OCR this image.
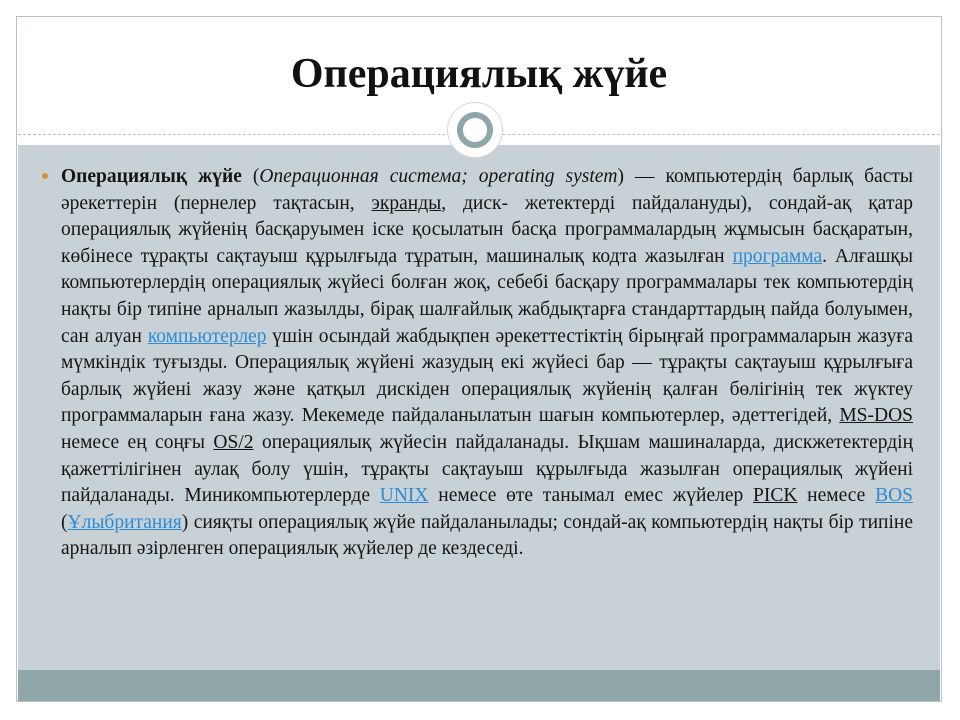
Операциялық жүйе
Операциялық жүйе (Операционная система; operating system) — компьютердің барлық басты әрекеттерін (пернелер тақтасын, экранды, диск- жетектерді пайдалануды), сондай-ақ қатар операциялық жүйенің басқаруымен іске қосылатын басқа программалардың жұмысын басқаратын, көбінесе тұрақты сақтауыш құрылғыда тұратын, машиналық кодта жазылған программа. Алғашқы компьютерлердің операциялық жүйесі болған жоқ, себебі басқару программалары тек компьютердің нақты бір типіне арналып жазылды, бірақ шалғайлық жабдықтарға стандарттардың пайда болуымен, сан алуан компьютерлер үшін осындай жабдықпен әрекеттестіктің бірыңғай программаларын жазуға мүмкіндік туғызды. Операциялық жүйені жазудың екі жүйесі бар — тұрақты сақтауыш құрылғыға барлық жүйені жазу және қатқыл дискіден операциялық жүйенің қалған бөлігінің тек жүктеу программаларын ғана жазу. Мекемеде пайдаланылатын шағын компьютерлер, әдеттегідей, MS-DOS немесе ең соңғы OS/2 операциялық жүйесін пайдаланады. Ықшам машиналарда, дискжетектердің қажеттілігінен аулақ болу үшін, тұрақты сақтауыш құрылғыда жазылған операциялық жүйені пайдаланады. Миникомпьютерлерде UNIX немесе өте танымал емес жүйелер PICK немесе BOS (Ұлыбритания) сияқты операциялық жүйе пайдаланылады; сондай-ақ компьютердің нақты бір типіне арналып әзірленген операциялық жүйелер де кездеседі.
